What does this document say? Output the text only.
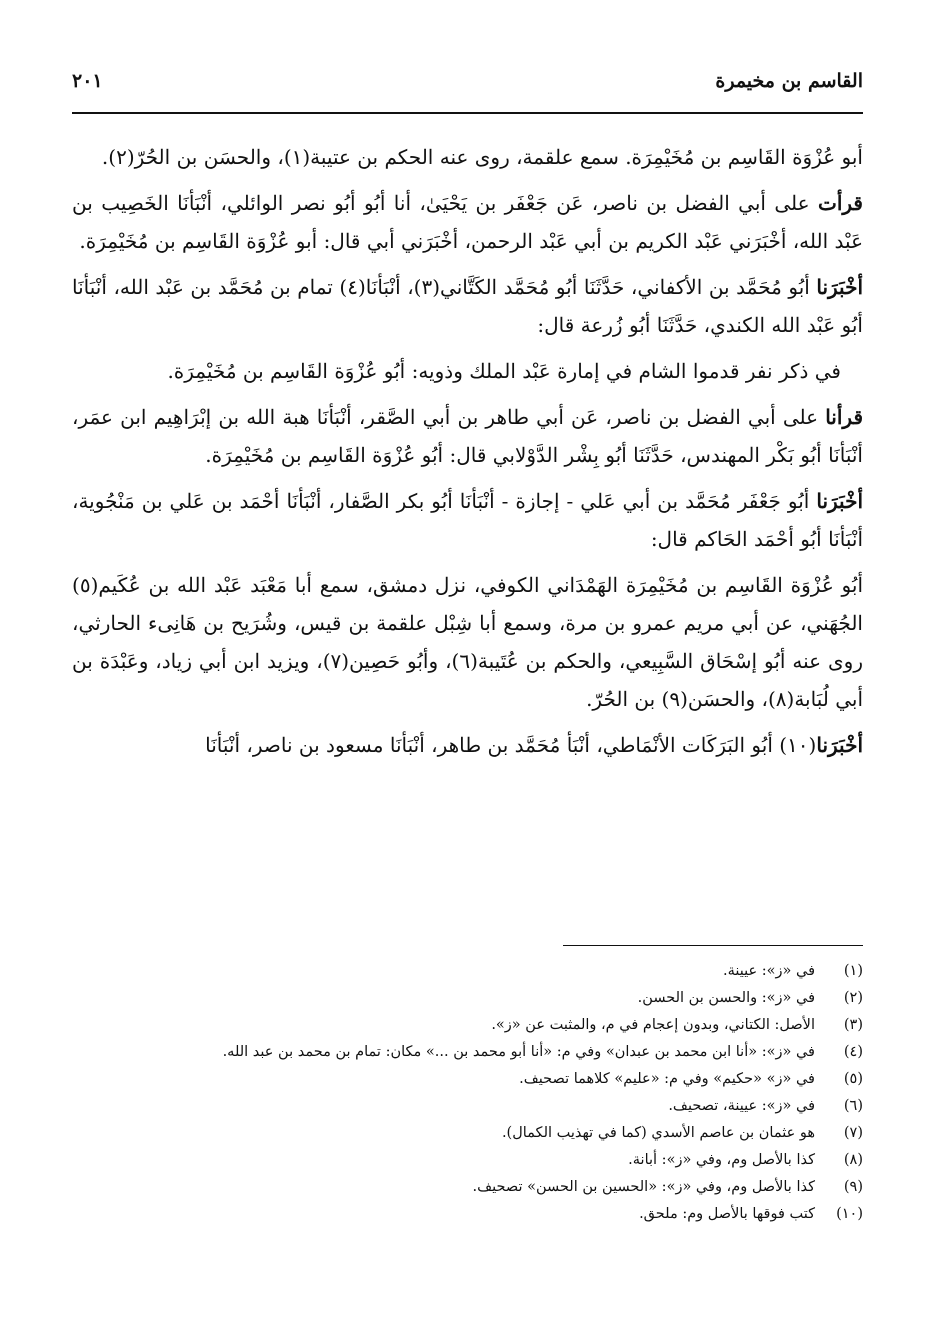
القاسم بن مخيمرة
٢٠١

أبو عُزْوَة القَاسِم بن مُخَيْمِرَة. سمع علقمة، روى عنه الحكم بن عتيبة(١)، والحسَن بن الحُرّ(٢).

قرأت على أبي الفضل بن ناصر، عَن جَعْفَر بن يَحْيَىٰ، أنا أبُو أبُو نصر الوائلي، أنْبَأنَا الخَصِيب بن عَبْد الله، أخْبَرَني عَبْد الكريم بن أبي عَبْد الرحمن، أخْبَرَني أبي قال: أبو عُزْوَة القَاسِم بن مُخَيْمِرَة.

أخْبَرَنا أبُو مُحَمَّد بن الأكفاني، حَدَّثَنَا أبُو مُحَمَّد الكَتَّاني(٣)، أنْبَأنَا(٤) تمام بن مُحَمَّد بن عَبْد الله، أنْبَأنَا أبُو عَبْد الله الكندي، حَدَّثَنَا أبُو زُرعة قال:

في ذكر نفر قدموا الشام في إمارة عَبْد الملك وذويه: أبُو عُزْوَة القَاسِم بن مُخَيْمِرَة.

قرأنا على أبي الفضل بن ناصر، عَن أبي طاهر بن أبي الصَّقر، أنْبَأنَا هبة الله بن إبْرَاهِيم ابن عمَر، أنْبَأنَا أبُو بَكْر المهندس، حَدَّثَنَا أبُو بِشْر الدَّوْلابي قال: أبُو عُزْوَة القَاسِم بن مُخَيْمِرَة.

أخْبَرَنا أبُو جَعْفَر مُحَمَّد بن أبي عَلي - إجازة - أنْبَأنَا أبُو بكر الصَّفار، أنْبَأنَا أحْمَد بن عَلي بن مَنْجُوية، أنْبَأنَا أبُو أحْمَد الحَاكم قال:

أبُو عُزْوَة القَاسِم بن مُخَيْمِرَة الهَمْدَاني الكوفي، نزل دمشق، سمع أبا مَعْبَد عَبْد الله بن عُكَيم(٥) الجُهَني، عن أبي مريم عمرو بن مرة، وسمع أبا شِبْل علقمة بن قيس، وشُرَيح بن هَانِىء الحارثي، روى عنه أبُو إسْحَاق السَّبِيعي، والحكم بن عُتَيبة(٦)، وأبُو حَصِين(٧)، ويزيد ابن أبي زياد، وعَبْدَة بن أبي لُبَابة(٨)، والحسَن(٩) بن الحُرّ.

أخْبَرَنا(١٠) أبُو البَرَكَات الأنْمَاطي، أنْبَأ مُحَمَّد بن طاهر، أنْبَأنَا مسعود بن ناصر، أنْبَأنَا

(١)
في «ز»: عيينة.
(٢)
في «ز»: والحسن بن الحسن.
(٣)
الأصل: الكتاني، وبدون إعجام في م، والمثبت عن «ز».
(٤)
في «ز»: «أنا ابن محمد بن عبدان» وفي م: «أنا أبو محمد بن ...» مكان: تمام بن محمد بن عبد الله.
(٥)
في «ز» «حكيم» وفي م: «عليم» كلاهما تصحيف.
(٦)
في «ز»: عيينة، تصحيف.
(٧)
هو عثمان بن عاصم الأسدي (كما في تهذيب الكمال).
(٨)
كذا بالأصل وم، وفي «ز»: أبانة.
(٩)
كذا بالأصل وم، وفي «ز»: «الحسين بن الحسن» تصحيف.
(١٠)
كتب فوقها بالأصل وم: ملحق.
